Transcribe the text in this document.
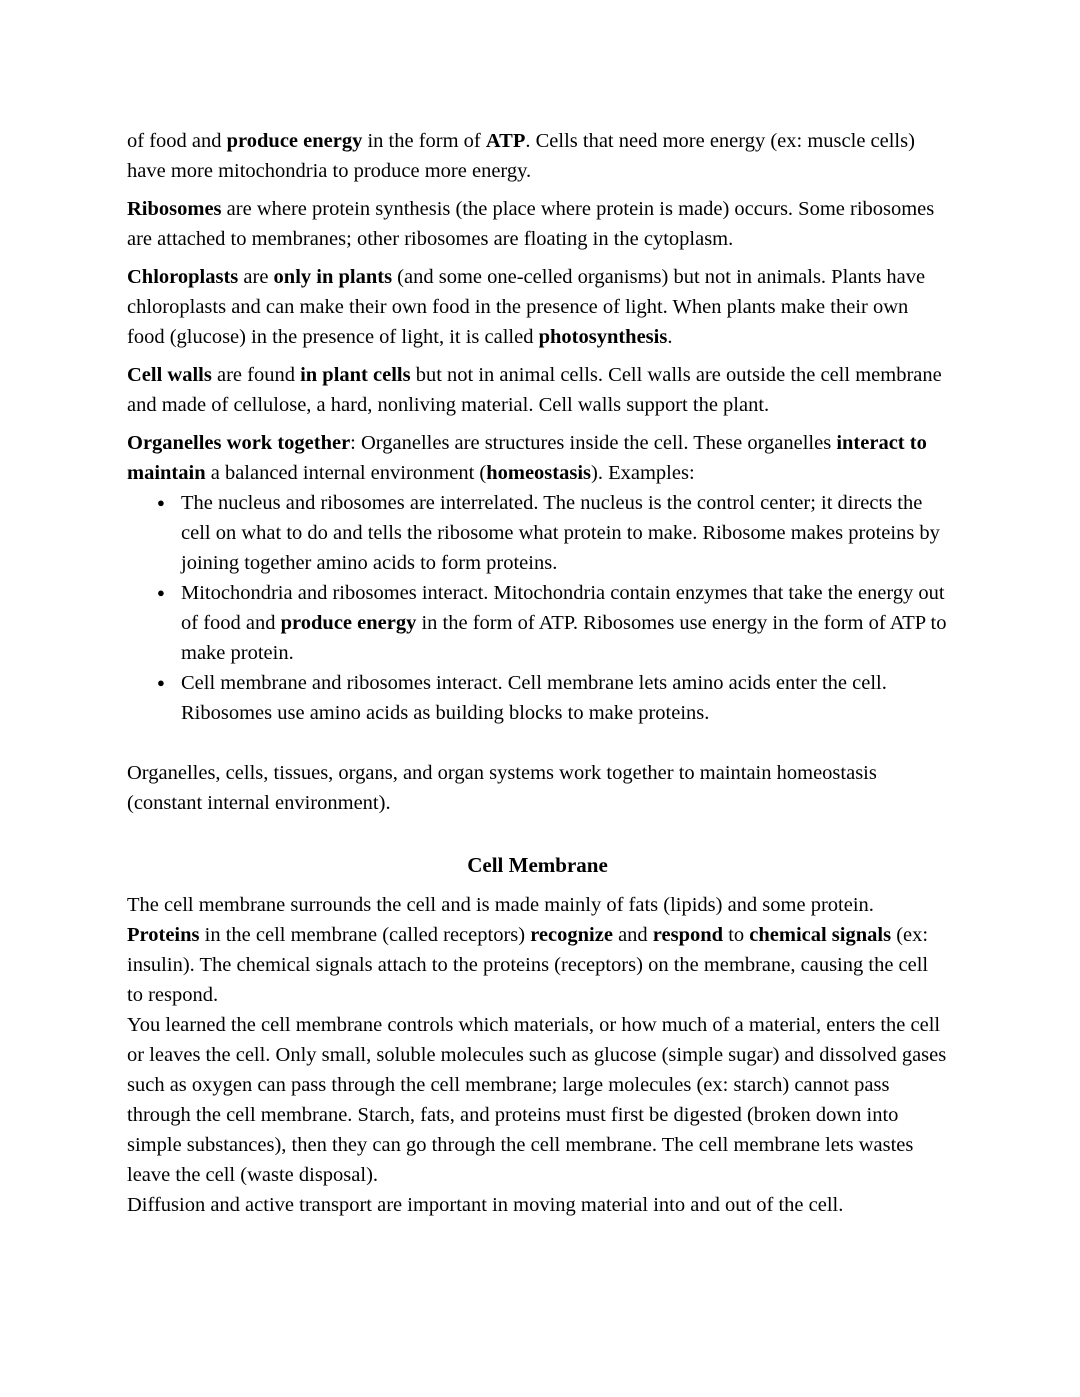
of food and produce energy in the form of ATP. Cells that need more energy (ex: muscle cells) have more mitochondria to produce more energy.

Ribosomes are where protein synthesis (the place where protein is made) occurs. Some ribosomes are attached to membranes; other ribosomes are floating in the cytoplasm.

Chloroplasts are only in plants (and some one-celled organisms) but not in animals. Plants have chloroplasts and can make their own food in the presence of light. When plants make their own food (glucose) in the presence of light, it is called photosynthesis.

Cell walls are found in plant cells but not in animal cells. Cell walls are outside the cell membrane and made of cellulose, a hard, nonliving material. Cell walls support the plant.

Organelles work together: Organelles are structures inside the cell. These organelles interact to maintain a balanced internal environment (homeostasis). Examples:

● The nucleus and ribosomes are interrelated. The nucleus is the control center; it directs the cell on what to do and tells the ribosome what protein to make. Ribosome makes proteins by joining together amino acids to form proteins.
● Mitochondria and ribosomes interact. Mitochondria contain enzymes that take the energy out of food and produce energy in the form of ATP. Ribosomes use energy in the form of ATP to make protein.
● Cell membrane and ribosomes interact. Cell membrane lets amino acids enter the cell. Ribosomes use amino acids as building blocks to make proteins.

Organelles, cells, tissues, organs, and organ systems work together to maintain homeostasis (constant internal environment).

Cell Membrane

The cell membrane surrounds the cell and is made mainly of fats (lipids) and some protein. Proteins in the cell membrane (called receptors) recognize and respond to chemical signals (ex: insulin). The chemical signals attach to the proteins (receptors) on the membrane, causing the cell to respond.

You learned the cell membrane controls which materials, or how much of a material, enters the cell or leaves the cell. Only small, soluble molecules such as glucose (simple sugar) and dissolved gases such as oxygen can pass through the cell membrane; large molecules (ex: starch) cannot pass through the cell membrane. Starch, fats, and proteins must first be digested (broken down into simple substances), then they can go through the cell membrane. The cell membrane lets wastes leave the cell (waste disposal).

Diffusion and active transport are important in moving material into and out of the cell.
